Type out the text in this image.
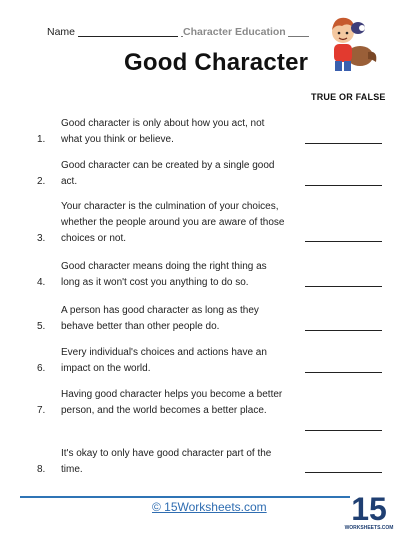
Name	Character Education
Good Character
TRUE OR FALSE
1.
Good character is only about how you act, not what you think or believe.
2.
Good character can be created by a single good act.
3.
Your character is the culmination of your choices, whether the people around you are aware of those choices or not.
4.
Good character means doing the right thing as long as it won't cost you anything to do so.
5.
A person has good character as long as they behave better than other people do.
6.
Every individual's choices and actions have an impact on the world.
7.
Having good character helps you become a better person, and the world becomes a better place.
8.
It's okay to only have good character part of the time.
© 15Worksheets.com	15
WORKSHEETS.COM
